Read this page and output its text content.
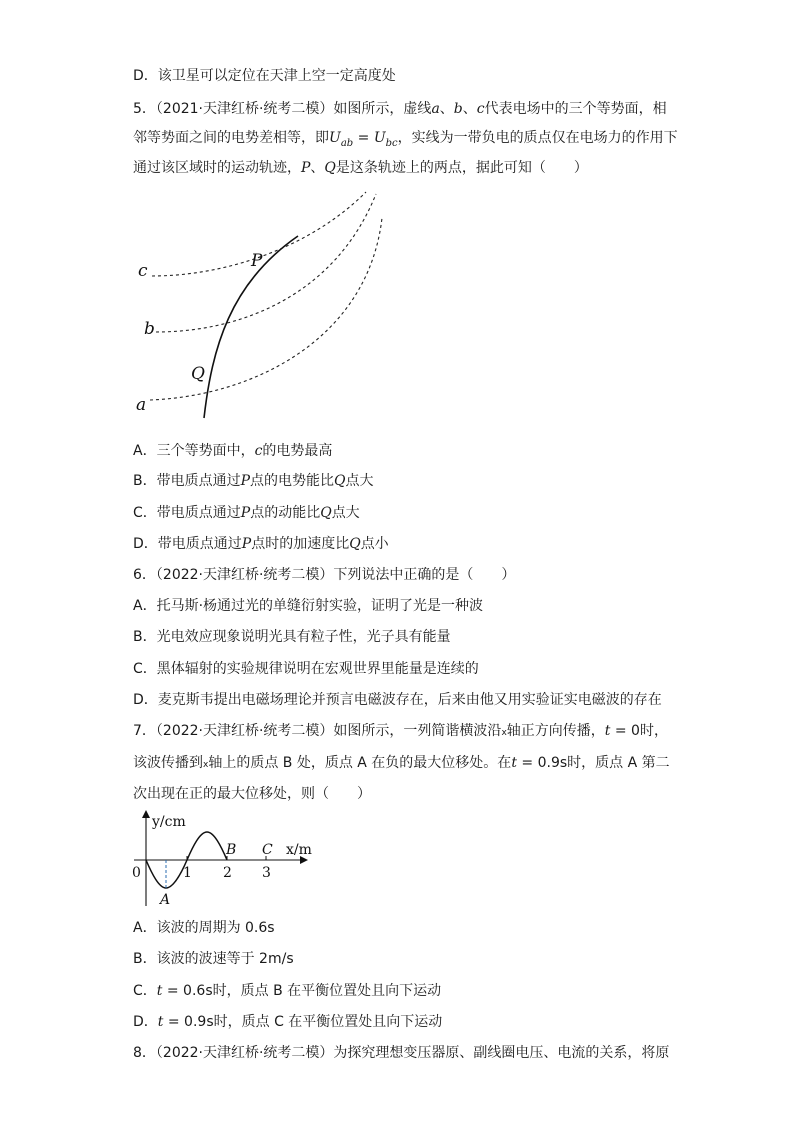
D．该卫星可以定位在天津上空一定高度处
5．（2021·天津红桥·统考二模）如图所示，虚线a、b、c代表电场中的三个等势面，相
邻等势面之间的电势差相等，即$U_{ab} = U_{bc}$，实线为一带负电的质点仅在电场力的作用下
通过该区域时的运动轨迹，P、Q是这条轨迹上的两点，据此可知（　　）
c
b
a
P
Q
A．三个等势面中，c的电势最高
B．带电质点通过P点的电势能比Q点大
C．带电质点通过P点的动能比Q点大
D．带电质点通过P点时的加速度比Q点小
6．（2022·天津红桥·统考二模）下列说法中正确的是（　　）
A．托马斯·杨通过光的单缝衍射实验，证明了光是一种波
B．光电效应现象说明光具有粒子性，光子具有能量
C．黑体辐射的实验规律说明在宏观世界里能量是连续的
D．麦克斯韦提出电磁场理论并预言电磁波存在，后来由他又用实验证实电磁波的存在
7．（2022·天津红桥·统考二模）如图所示，一列简谐横波沿x轴正方向传播，t = 0时，
该波传播到x轴上的质点 B 处，质点 A 在负的最大位移处。在t = 0.9s时，质点 A 第二
次出现在正的最大位移处，则（　　）
y/cm
x/m
0	1 2 3
A
B C
A．该波的周期为 0.6s
B．该波的波速等于 2m/s
C．t = 0.6s时，质点 B 在平衡位置处且向下运动
D．t = 0.9s时，质点 C 在平衡位置处且向下运动
8．（2022·天津红桥·统考二模）为探究理想变压器原、副线圈电压、电流的关系，将原
